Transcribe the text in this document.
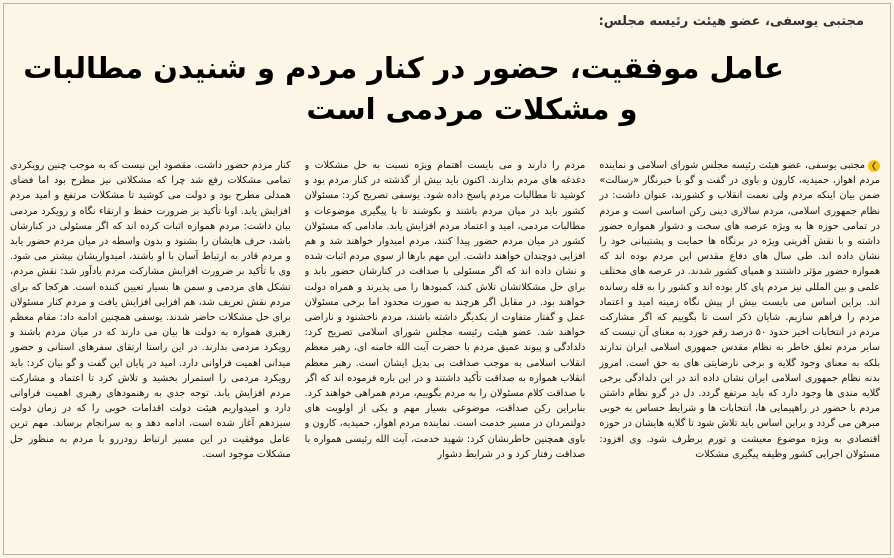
مجتبی یوسفی، عضو هیئت رئیسه مجلس:
عامل موفقیت، حضور در کنار مردم و شنیدن مطالبات
و مشکلات مردمی است
❯

مجتبی یوسفی، عضو هیئت رئیسه مجلس شورای اسلامی و نماینده مردم اهواز، حمیدیه، کارون و باوی در گفت و گو با خبرنگار «رسالت» ضمن بیان اینکه مردم ولی نعمت انقلاب و کشورند، عنوان داشت: در نظام جمهوری اسلامی، مردم سالاری دینی رکن اساسی است و مردم در تمامی حوزه ها به ویژه عرصه های سخت و دشوار همواره حضور داشته و با نقش آفرینی ویژه در برنگاه ها حمایت و پشتیبانی خود را نشان داده اند. طی سال های دفاع مقدس این مردم بوده اند که همواره حضور مؤثر داشتند و همپای کشور شدند. در عرصه های مختلف علمی و بین المللی نیز مردم پای کار بوده اند و کشور را به قله رسانده اند. براین اساس می بایست بیش از پیش نگاه زمینه امید و اعتماد مردم را فراهم سازیم. شایان ذکر است تا بگوییم که اگر مشارکت مردم در انتخابات اخیر حدود ۵۰ درصد رقم خورد به معنای آن نیست که سایر مردم تعلق خاطر به نظام مقدس جمهوری اسلامی ایران ندارند بلکه به معنای وجود گلایه و برخی نارضایتی های به حق است. امروز بدنه نظام جمهوری اسلامی ایران نشان داده اند در این دلدادگی برخی گلایه مندی ها وجود دارد که باید مرتفع گردد. دل در گرو نظام داشتن مردم با حضور در راهپیمایی ها، انتخابات ها و شرایط حساس به خوبی مبرهن می گردد و براین اساس باید تلاش شود تا گلایه هایشان در حوزه اقتصادی به ویژه موضوع معیشت و تورم برطرف شود. وی افزود: مسئولان اجرایی کشور وظیفه پیگیری مشکلات

مردم را دارند و می بایست اهتمام ویژه نسبت به حل مشکلات و دغدغه های مردم بدارند. اکنون باید بیش از گذشته در کنار مردم بود و کوشید تا مطالبات مردم پاسخ داده شود. یوسفی تصریح کرد: مسئولان کشور باید در میان مردم باشند و بکوشند تا با پیگیری موضوعات و مطالبات مردمی، امید و اعتماد مردم افزایش یابد. مادامی که مسئولان کشور در میان مردم حضور پیدا کنند، مردم امیدوار خواهند شد و هم افزایی دوچندان خواهند داشت. این مهم بارها از سوی مردم اثبات شده و نشان داده اند که اگر مسئولی با صداقت در کنارشان حضور یابد و برای حل مشکلاتشان تلاش کند، کمبودها را می پذیرند و همراه دولت خواهند بود. در مقابل اگر هرچند به صورت محدود اما برخی مسئولان عمل و گفتار متفاوت از یکدیگر داشته باشند، مردم ناخشنود و ناراضی خواهند شد. عضو هیئت رئیسه مجلس شورای اسلامی تصریح کرد: دلدادگی و پیوند عمیق مردم با حضرت آیت الله خامنه ای، رهبر معظم انقلاب اسلامی به موجب صداقت بی بدیل ایشان است. رهبر معظم انقلاب همواره به صداقت تأکید داشتند و در این باره فرموده اند که اگر با صداقت کلام مسئولان را به مردم بگوییم، مردم همراهی خواهند کرد. بنابراین رکن صداقت، موضوعی بسیار مهم و یکی از اولویت های دولتمردان در مسیر خدمت است. نماینده مردم اهواز، حمیدیه، کارون و باوی همچنین خاطرنشان کرد: شهید خدمت، آیت الله رئیسی همواره با صداقت رفتار کرد و در شرایط دشوار

کنار مردم حضور داشت. مقصود این نیست که به موجب چنین رویکردی تمامی مشکلات رفع شد چرا که مشکلاتی نیز مطرح بود اما فضای همدلی مطرح بود و دولت می کوشید تا مشکلات مرتفع و امید مردم افزایش یابد. اوبا تأکید بر ضرورت حفظ و ارتقاء نگاه و رویکرد مردمی بیان داشت: مردم همواره اثبات کرده اند که اگر مسئولی در کنارشان باشد، حرف هایشان را بشنود و بدون واسطه در میان مردم حضور یابد و مردم قادر به ارتباط آسان با او باشند، امیدواریشان بیشتر می شود. وی با تأکید بر ضرورت افزایش مشارکت مردم یادآور شد: نقش مردم، تشکل های مردمی و سمن ها بسیار تعیین کننده است. هرکجا که برای مردم نقش تعریف شد، هم افزایی افزایش یافت و مردم کنار مسئولان برای حل مشکلات حاضر شدند. یوسفی همچنین ادامه داد: مقام معظم رهبری همواره به دولت ها بیان می دارند که در میان مردم باشند و رویکرد مردمی بدارند. در این راستا ارتقای سفرهای استانی و حضور میدانی اهمیت فراوانی دارد. امید در پایان این گفت و گو بیان کرد: باید رویکرد مردمی را استمرار بخشید و تلاش کرد تا اعتماد و مشارکت مردم افزایش یابد. توجه جدی به رهنمودهای رهبری اهمیت فراوانی دارد و امیدواریم هیئت دولت اقدامات خوبی را که در زمان دولت سیزدهم آغاز شده است، ادامه دهد و به سرانجام برساند. مهم ترین عامل موفقیت در این مسیر ارتباط رودررو با مردم به منظور حل مشکلات موجود است.
